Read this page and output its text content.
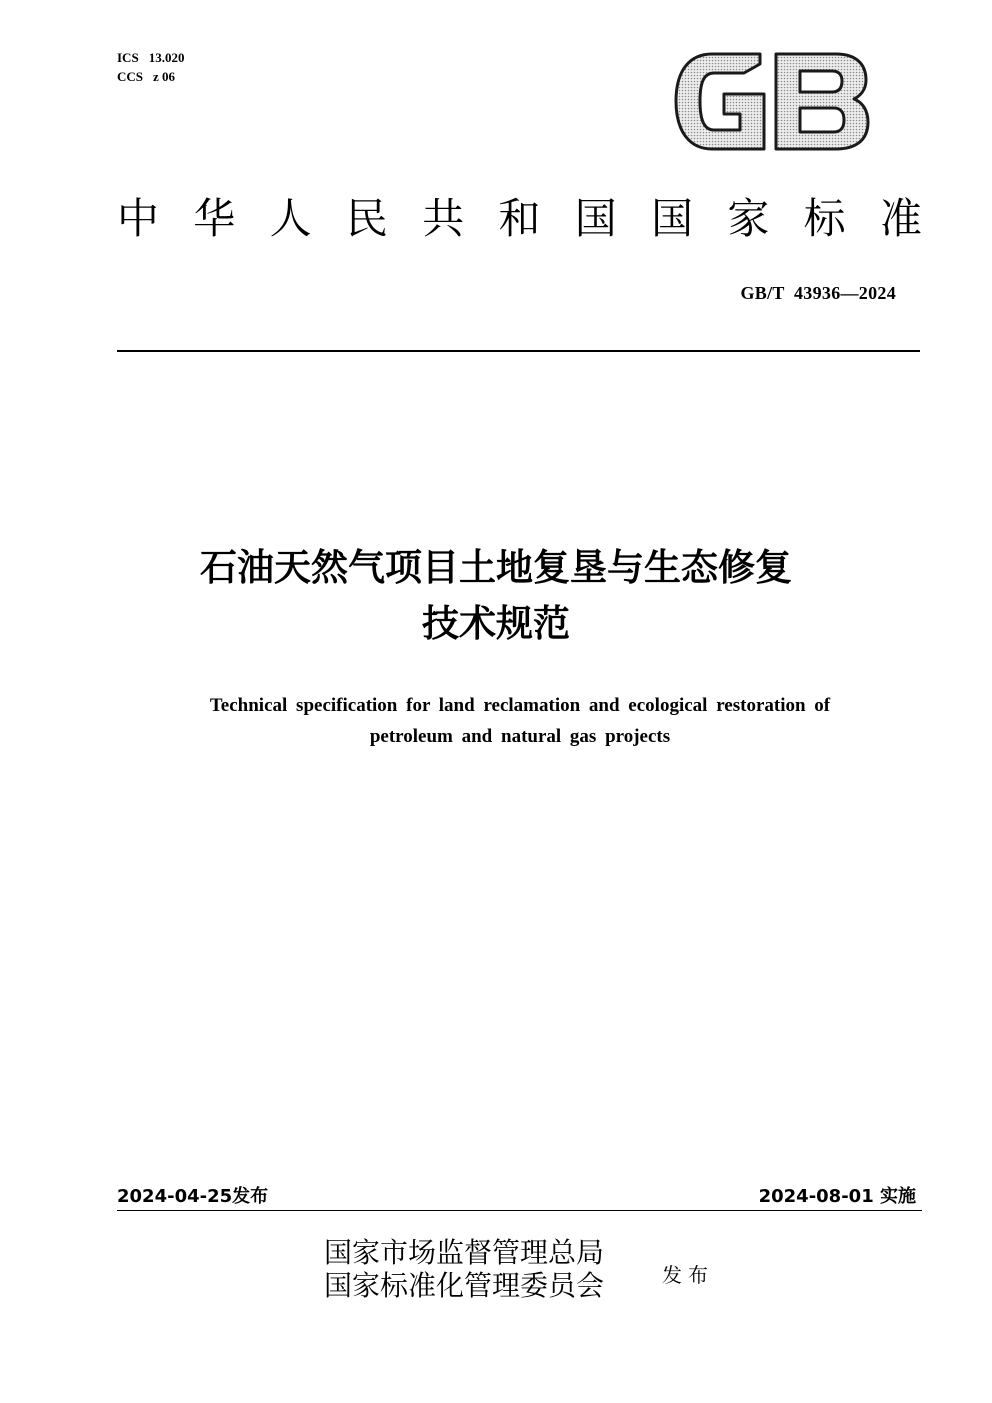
ICS 13.020
CCS z 06
中 华 人 民 共 和 国 国 家 标 准
GB/T  43936—2024
石油天然气项目土地复垦与生态修复
技术规范
Technical specification for land reclamation and ecological restoration of
petroleum and natural gas projects
2024-04-25发布	2024-08-01 实施
国家市场监督管理总局
国家标准化管理委员会	发布
